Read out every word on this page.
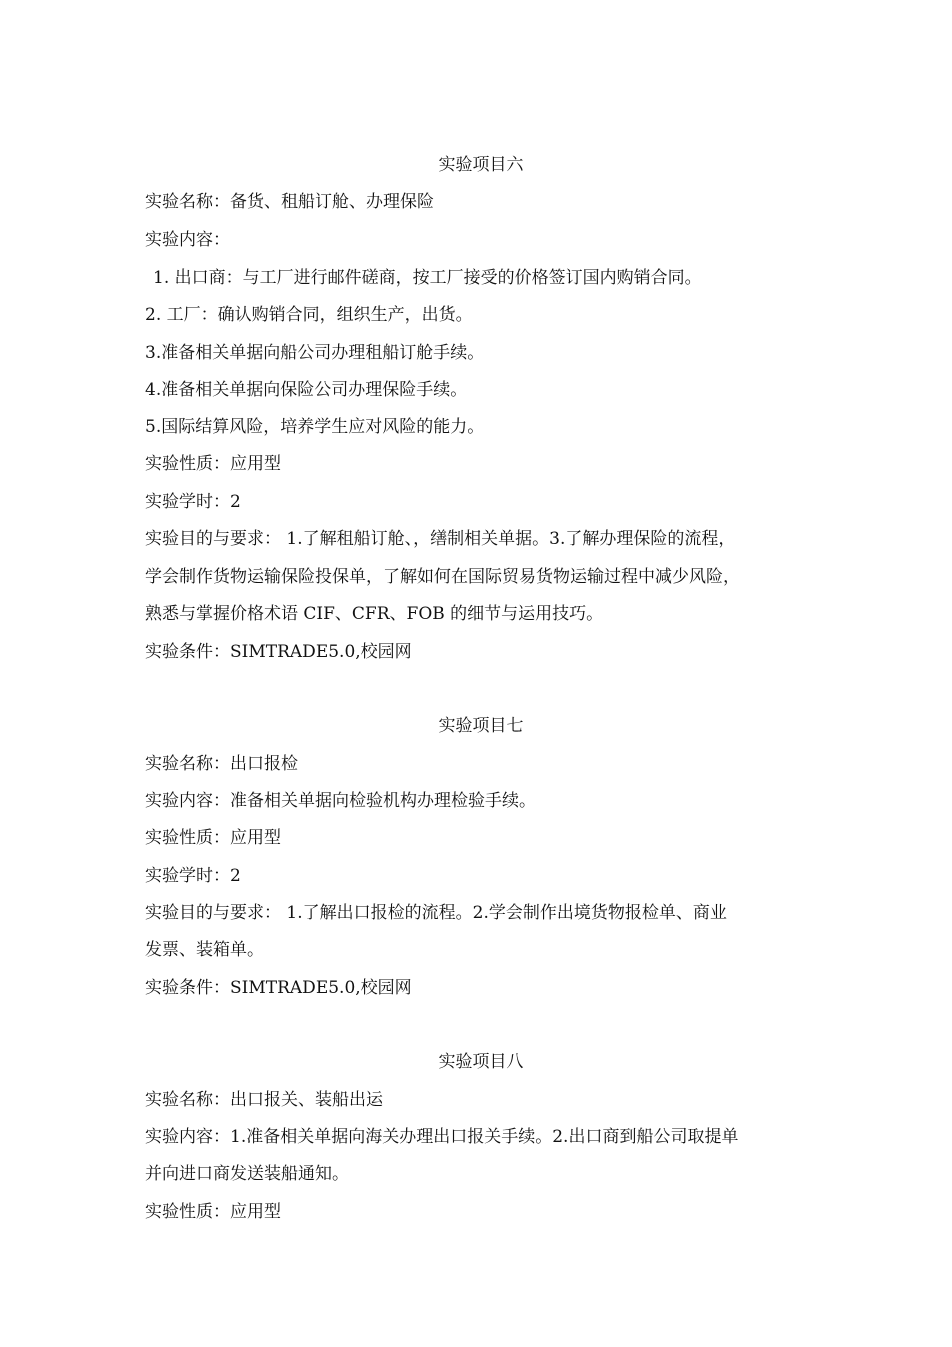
实验项目六
实验名称：备货、租船订舱、办理保险
实验内容：
1. 出口商：与工厂进行邮件磋商，按工厂接受的价格签订国内购销合同。
2. 工厂：确认购销合同，组织生产，出货。
3.准备相关单据向船公司办理租船订舱手续。
4.准备相关单据向保险公司办理保险手续。
5.国际结算风险，培养学生应对风险的能力。
实验性质：应用型
实验学时：2
实验目的与要求： 1.了解租船订舱、，缮制相关单据。3.了解办理保险的流程，
学会制作货物运输保险投保单，了解如何在国际贸易货物运输过程中减少风险，
熟悉与掌握价格术语 CIF、CFR、FOB 的细节与运用技巧。
实验条件：SIMTRADE5.0,校园网
实验项目七
实验名称：出口报检
实验内容：准备相关单据向检验机构办理检验手续。
实验性质：应用型
实验学时：2
实验目的与要求： 1.了解出口报检的流程。2.学会制作出境货物报检单、商业
发票、装箱单。
实验条件：SIMTRADE5.0,校园网
实验项目八
实验名称：出口报关、装船出运
实验内容：1.准备相关单据向海关办理出口报关手续。2.出口商到船公司取提单
并向进口商发送装船通知。
实验性质：应用型
